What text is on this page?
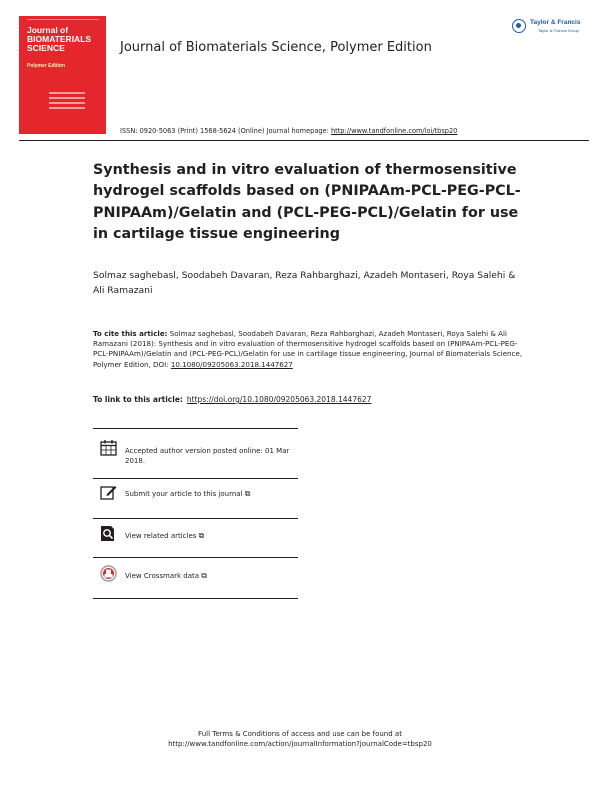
Journal of BIOMATERIALS SCIENCE
Polymer Edition
Journal of Biomaterials Science, Polymer Edition
Taylor & Francis
Taylor & Francis Group
ISSN: 0920-5063 (Print) 1568-5624 (Online) Journal homepage: http://www.tandfonline.com/loi/tbsp20
Synthesis and in vitro evaluation of thermosensitive hydrogel scaffolds based on (PNIPAAm-PCL-PEG-PCL-PNIPAAm)/Gelatin and (PCL-PEG-PCL)/Gelatin for use in cartilage tissue engineering
Solmaz saghebasl, Soodabeh Davaran, Reza Rahbarghazi, Azadeh Montaseri, Roya Salehi & Ali Ramazani
To cite this article: Solmaz saghebasl, Soodabeh Davaran, Reza Rahbarghazi, Azadeh Montaseri, Roya Salehi & Ali Ramazani (2018): Synthesis and in vitro evaluation of thermosensitive hydrogel scaffolds based on (PNIPAAm-PCL-PEG-PCL-PNIPAAm)/Gelatin and (PCL-PEG-PCL)/Gelatin for use in cartilage tissue engineering, Journal of Biomaterials Science, Polymer Edition, DOI: 10.1080/09205063.2018.1447627
To link to this article: https://doi.org/10.1080/09205063.2018.1447627
Accepted author version posted online: 01 Mar 2018.
Submit your article to this journal ⧉
View related articles ⧉
View Crossmark data ⧉
Full Terms & Conditions of access and use can be found at
http://www.tandfonline.com/action/journalInformation?journalCode=tbsp20
